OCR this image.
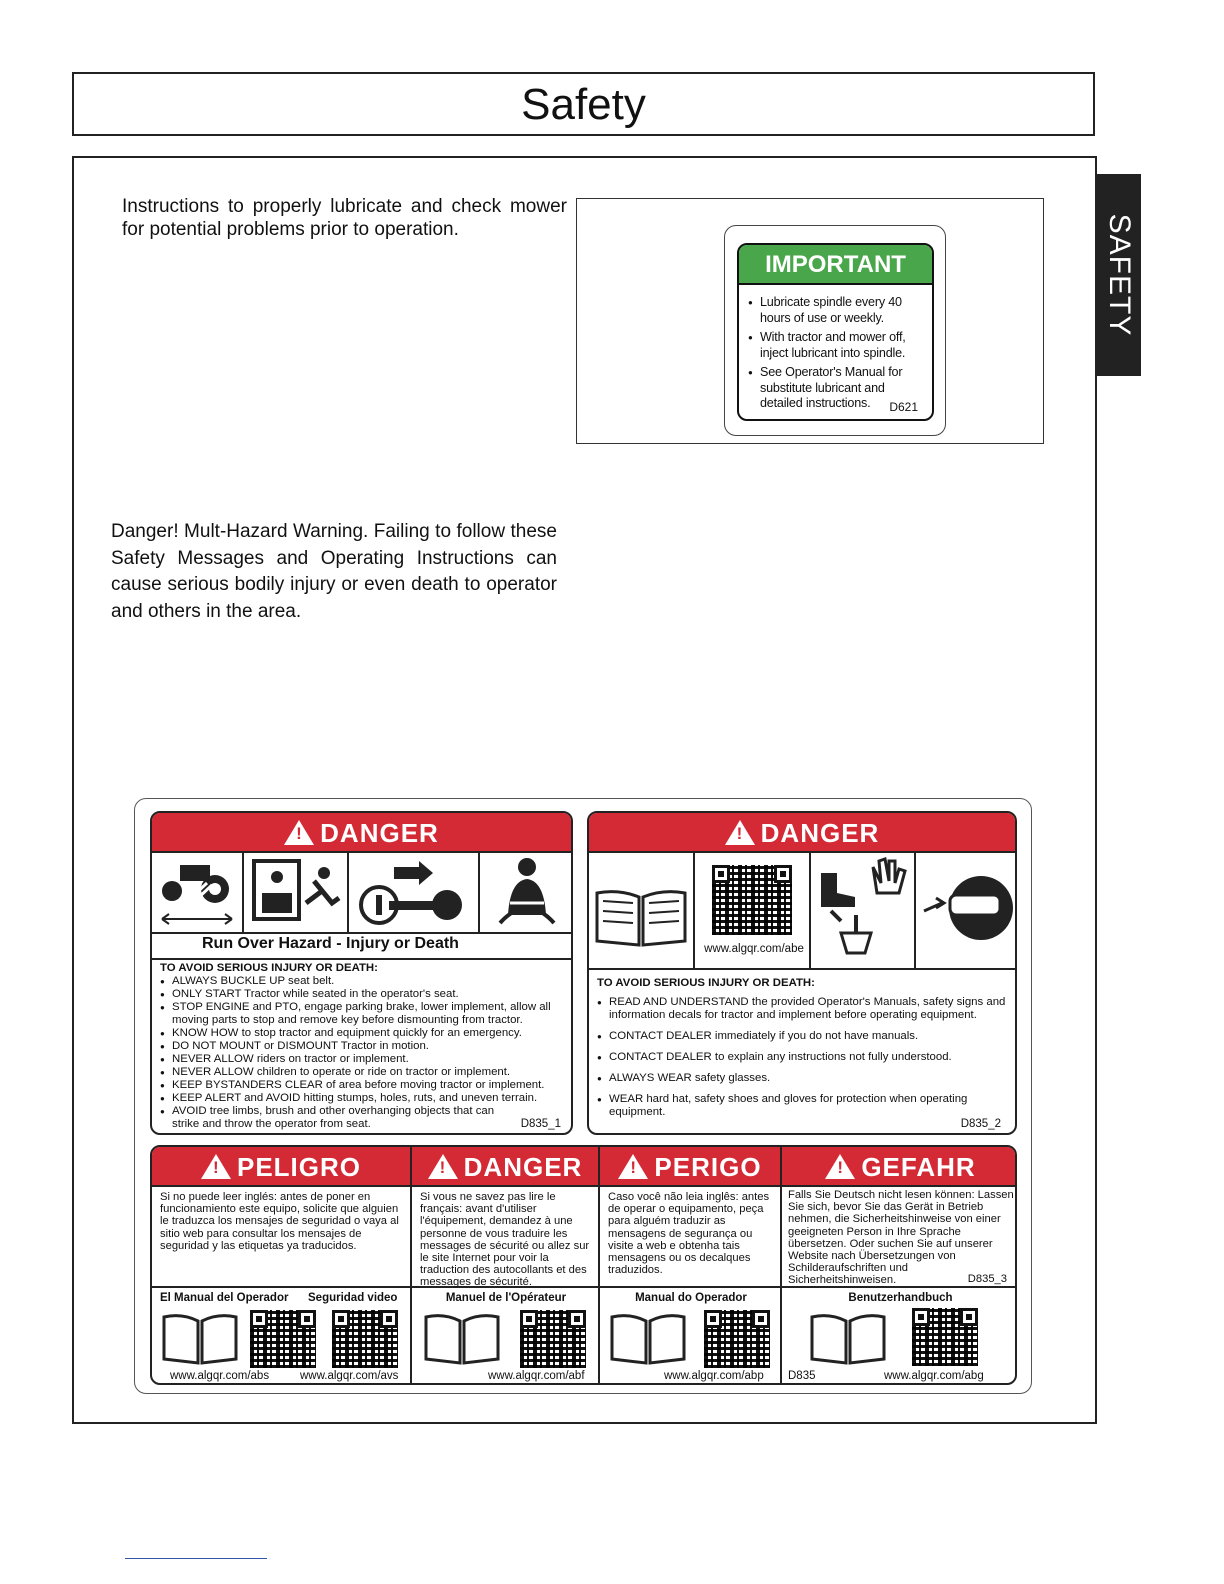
Safety
SAFETY
Instructions to properly lubricate and check mower for potential problems prior to operation.
IMPORTANT
● Lubricate spindle every 40 hours of use or weekly.
● With tractor and mower off, inject lubricant into spindle.
● See Operator's Manual for substitute lubricant and detailed instructions.	D621
Danger! Mult-Hazard Warning. Failing to follow these Safety Messages and Operating Instructions can cause serious bodily injury or even death to operator and others in the area.
!DANGER
Run Over Hazard - Injury or Death
TO AVOID SERIOUS INJURY OR DEATH:
● ALWAYS BUCKLE UP seat belt.
● ONLY START Tractor while seated in the operator's seat.
● STOP ENGINE and PTO, engage parking brake, lower implement, allow all moving parts to stop and remove key before dismounting from tractor.
● KNOW HOW to stop tractor and equipment quickly for an emergency.
● DO NOT MOUNT or DISMOUNT Tractor in motion.
● NEVER ALLOW riders on tractor or implement.
● NEVER ALLOW children to operate or ride on tractor or implement.
● KEEP BYSTANDERS CLEAR of area before moving tractor or implement.
● KEEP ALERT and AVOID hitting stumps, holes, ruts, and uneven terrain.
● AVOID tree limbs, brush and other overhanging objects that can strike and throw the operator from seat.	D835_1
!DANGER
www.algqr.com/abe
TO AVOID SERIOUS INJURY OR DEATH:
● READ AND UNDERSTAND the provided Operator's Manuals, safety signs and information decals for tractor and implement before operating equipment.
● CONTACT DEALER immediately if you do not have manuals.
● CONTACT DEALER to explain any instructions not fully understood.
● ALWAYS WEAR safety glasses.
● WEAR hard hat, safety shoes and gloves for protection when operating equipment.
D835_2
!PELIGRO
Si no puede leer inglés: antes de poner en funcionamiento este equipo, solicite que alguien le traduzca los mensajes de seguridad o vaya al sitio web para consultar los mensajes de seguridad y las etiquetas ya traducidos.
El Manual del Operador Seguridad video
www.algqr.com/abs	www.algqr.com/avs
!DANGER
Si vous ne savez pas lire le français: avant d'utiliser l'équipement, demandez à une personne de vous traduire les messages de sécurité ou allez sur le site Internet pour voir la traduction des autocollants et des messages de sécurité.
Manuel de l'Opérateur
www.algqr.com/abf
!PERIGO
Caso você não leia inglês: antes de operar o equipamento, peça para alguém traduzir as mensagens de segurança ou visite a web e obtenha tais mensagens ou os decalques traduzidos.
Manual do Operador
www.algqr.com/abp
!GEFAHR
Falls Sie Deutsch nicht lesen können: Lassen Sie sich, bevor Sie das Gerät in Betrieb nehmen, die Sicherheitshinweise von einer geeigneten Person in Ihre Sprache übersetzen. Oder suchen Sie auf unserer Website nach Übersetzungen von Schilderaufschriften und Sicherheitshinweisen.	D835_3
Benutzerhandbuch
D835	www.algqr.com/abg
